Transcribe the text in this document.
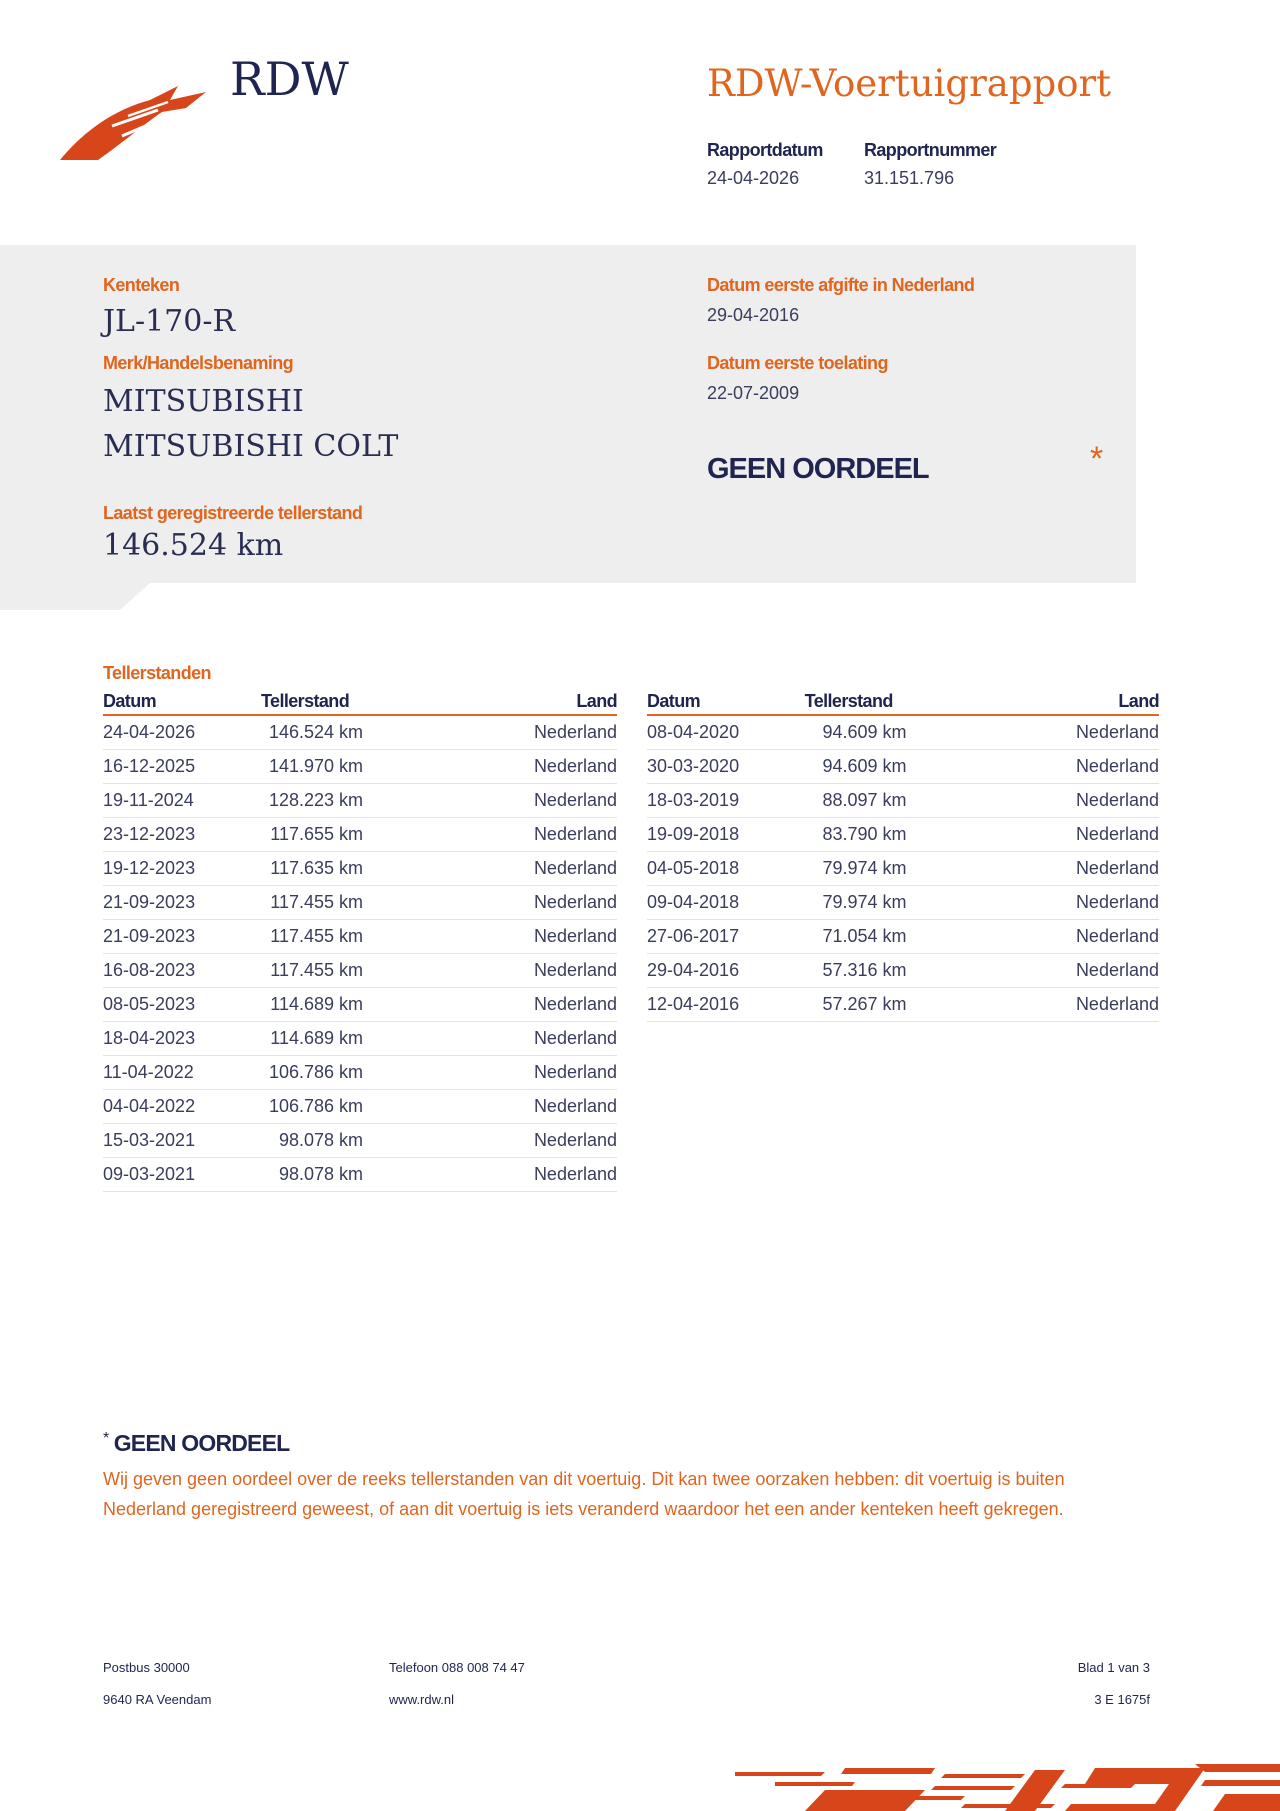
RDW	RDW-Voertuigrapport
Rapportdatum
24-04-2026
Rapportnummer
31.151.796
Kenteken
JL-170-R
Merk/Handelsbenaming
MITSUBISHI
MITSUBISHI COLT
Laatst geregistreerde tellerstand
146.524 km
Datum eerste afgifte in Nederland
29-04-2016
Datum eerste toelating
22-07-2009
GEEN OORDEEL	*
Tellerstanden
Datum	Tellerstand	Land
24-04-2026	146.524 km	Nederland
16-12-2025	141.970 km	Nederland
19-11-2024	128.223 km	Nederland
23-12-2023	117.655 km	Nederland
19-12-2023	117.635 km	Nederland
21-09-2023	117.455 km	Nederland
21-09-2023	117.455 km	Nederland
16-08-2023	117.455 km	Nederland
08-05-2023	114.689 km	Nederland
18-04-2023	114.689 km	Nederland
11-04-2022	106.786 km	Nederland
04-04-2022	106.786 km	Nederland
15-03-2021	98.078 km	Nederland
09-03-2021	98.078 km	Nederland
Datum	Tellerstand	Land
08-04-2020	94.609 km	Nederland
30-03-2020	94.609 km	Nederland
18-03-2019	88.097 km	Nederland
19-09-2018	83.790 km	Nederland
04-05-2018	79.974 km	Nederland
09-04-2018	79.974 km	Nederland
27-06-2017	71.054 km	Nederland
29-04-2016	57.316 km	Nederland
12-04-2016	57.267 km	Nederland
* GEEN OORDEEL
Wij geven geen oordeel over de reeks tellerstanden van dit voertuig. Dit kan twee oorzaken hebben: dit voertuig is buiten Nederland geregistreerd geweest, of aan dit voertuig is iets veranderd waardoor het een ander kenteken heeft gekregen.
Postbus 30000
9640 RA Veendam
Telefoon 088 008 74 47
www.rdw.nl
Blad 1 van 3
3 E 1675f
